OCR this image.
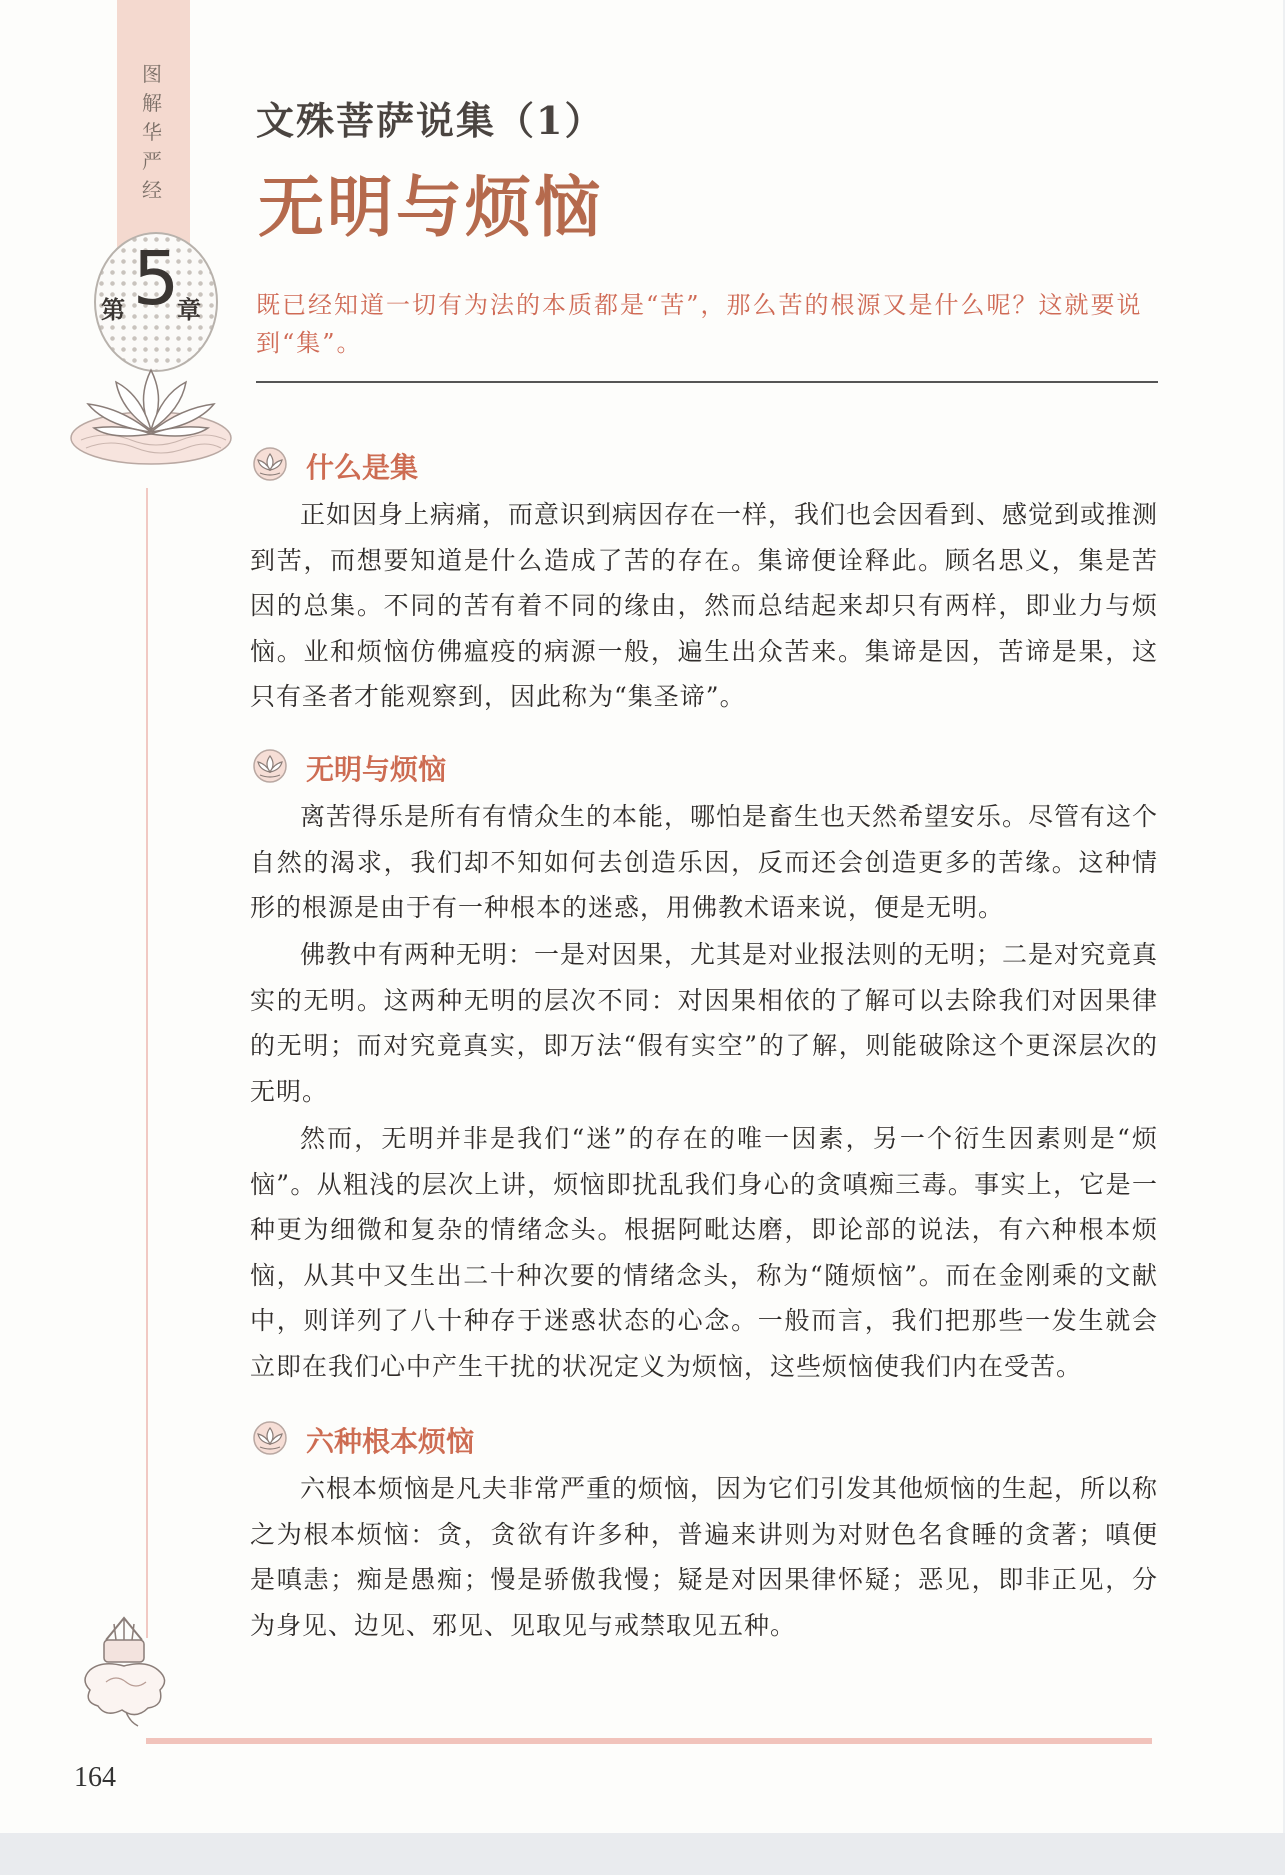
图解华严经
第 5
章
文殊菩萨说集（1）
无明与烦恼
既已经知道一切有为法的本质都是“苦”，那么苦的根源又是什么呢？这就要说到“集”。
什么是集

正如因身上病痛，而意识到病因存在一样，我们也会因看到、感觉到或推测到苦，而想要知道是什么造成了苦的存在。集谛便诠释此。顾名思义，集是苦因的总集。不同的苦有着不同的缘由，然而总结起来却只有两样，即业力与烦恼。业和烦恼仿佛瘟疫的病源一般，遍生出众苦来。集谛是因，苦谛是果，这只有圣者才能观察到，因此称为“集圣谛”。

无明与烦恼

离苦得乐是所有有情众生的本能，哪怕是畜生也天然希望安乐。尽管有这个自然的渴求，我们却不知如何去创造乐因，反而还会创造更多的苦缘。这种情形的根源是由于有一种根本的迷惑，用佛教术语来说，便是无明。

佛教中有两种无明：一是对因果，尤其是对业报法则的无明；二是对究竟真实的无明。这两种无明的层次不同：对因果相依的了解可以去除我们对因果律的无明；而对究竟真实，即万法“假有实空”的了解，则能破除这个更深层次的无明。

然而，无明并非是我们“迷”的存在的唯一因素，另一个衍生因素则是“烦恼”。从粗浅的层次上讲，烦恼即扰乱我们身心的贪嗔痴三毒。事实上，它是一种更为细微和复杂的情绪念头。根据阿毗达磨，即论部的说法，有六种根本烦恼，从其中又生出二十种次要的情绪念头，称为“随烦恼”。而在金刚乘的文献中，则详列了八十种存于迷惑状态的心念。一般而言，我们把那些一发生就会立即在我们心中产生干扰的状况定义为烦恼，这些烦恼使我们内在受苦。

六种根本烦恼

六根本烦恼是凡夫非常严重的烦恼，因为它们引发其他烦恼的生起，所以称之为根本烦恼：贪，贪欲有许多种，普遍来讲则为对财色名食睡的贪著；嗔便是嗔恚；痴是愚痴；慢是骄傲我慢；疑是对因果律怀疑；恶见，即非正见，分为身见、边见、邪见、见取见与戒禁取见五种。

164
